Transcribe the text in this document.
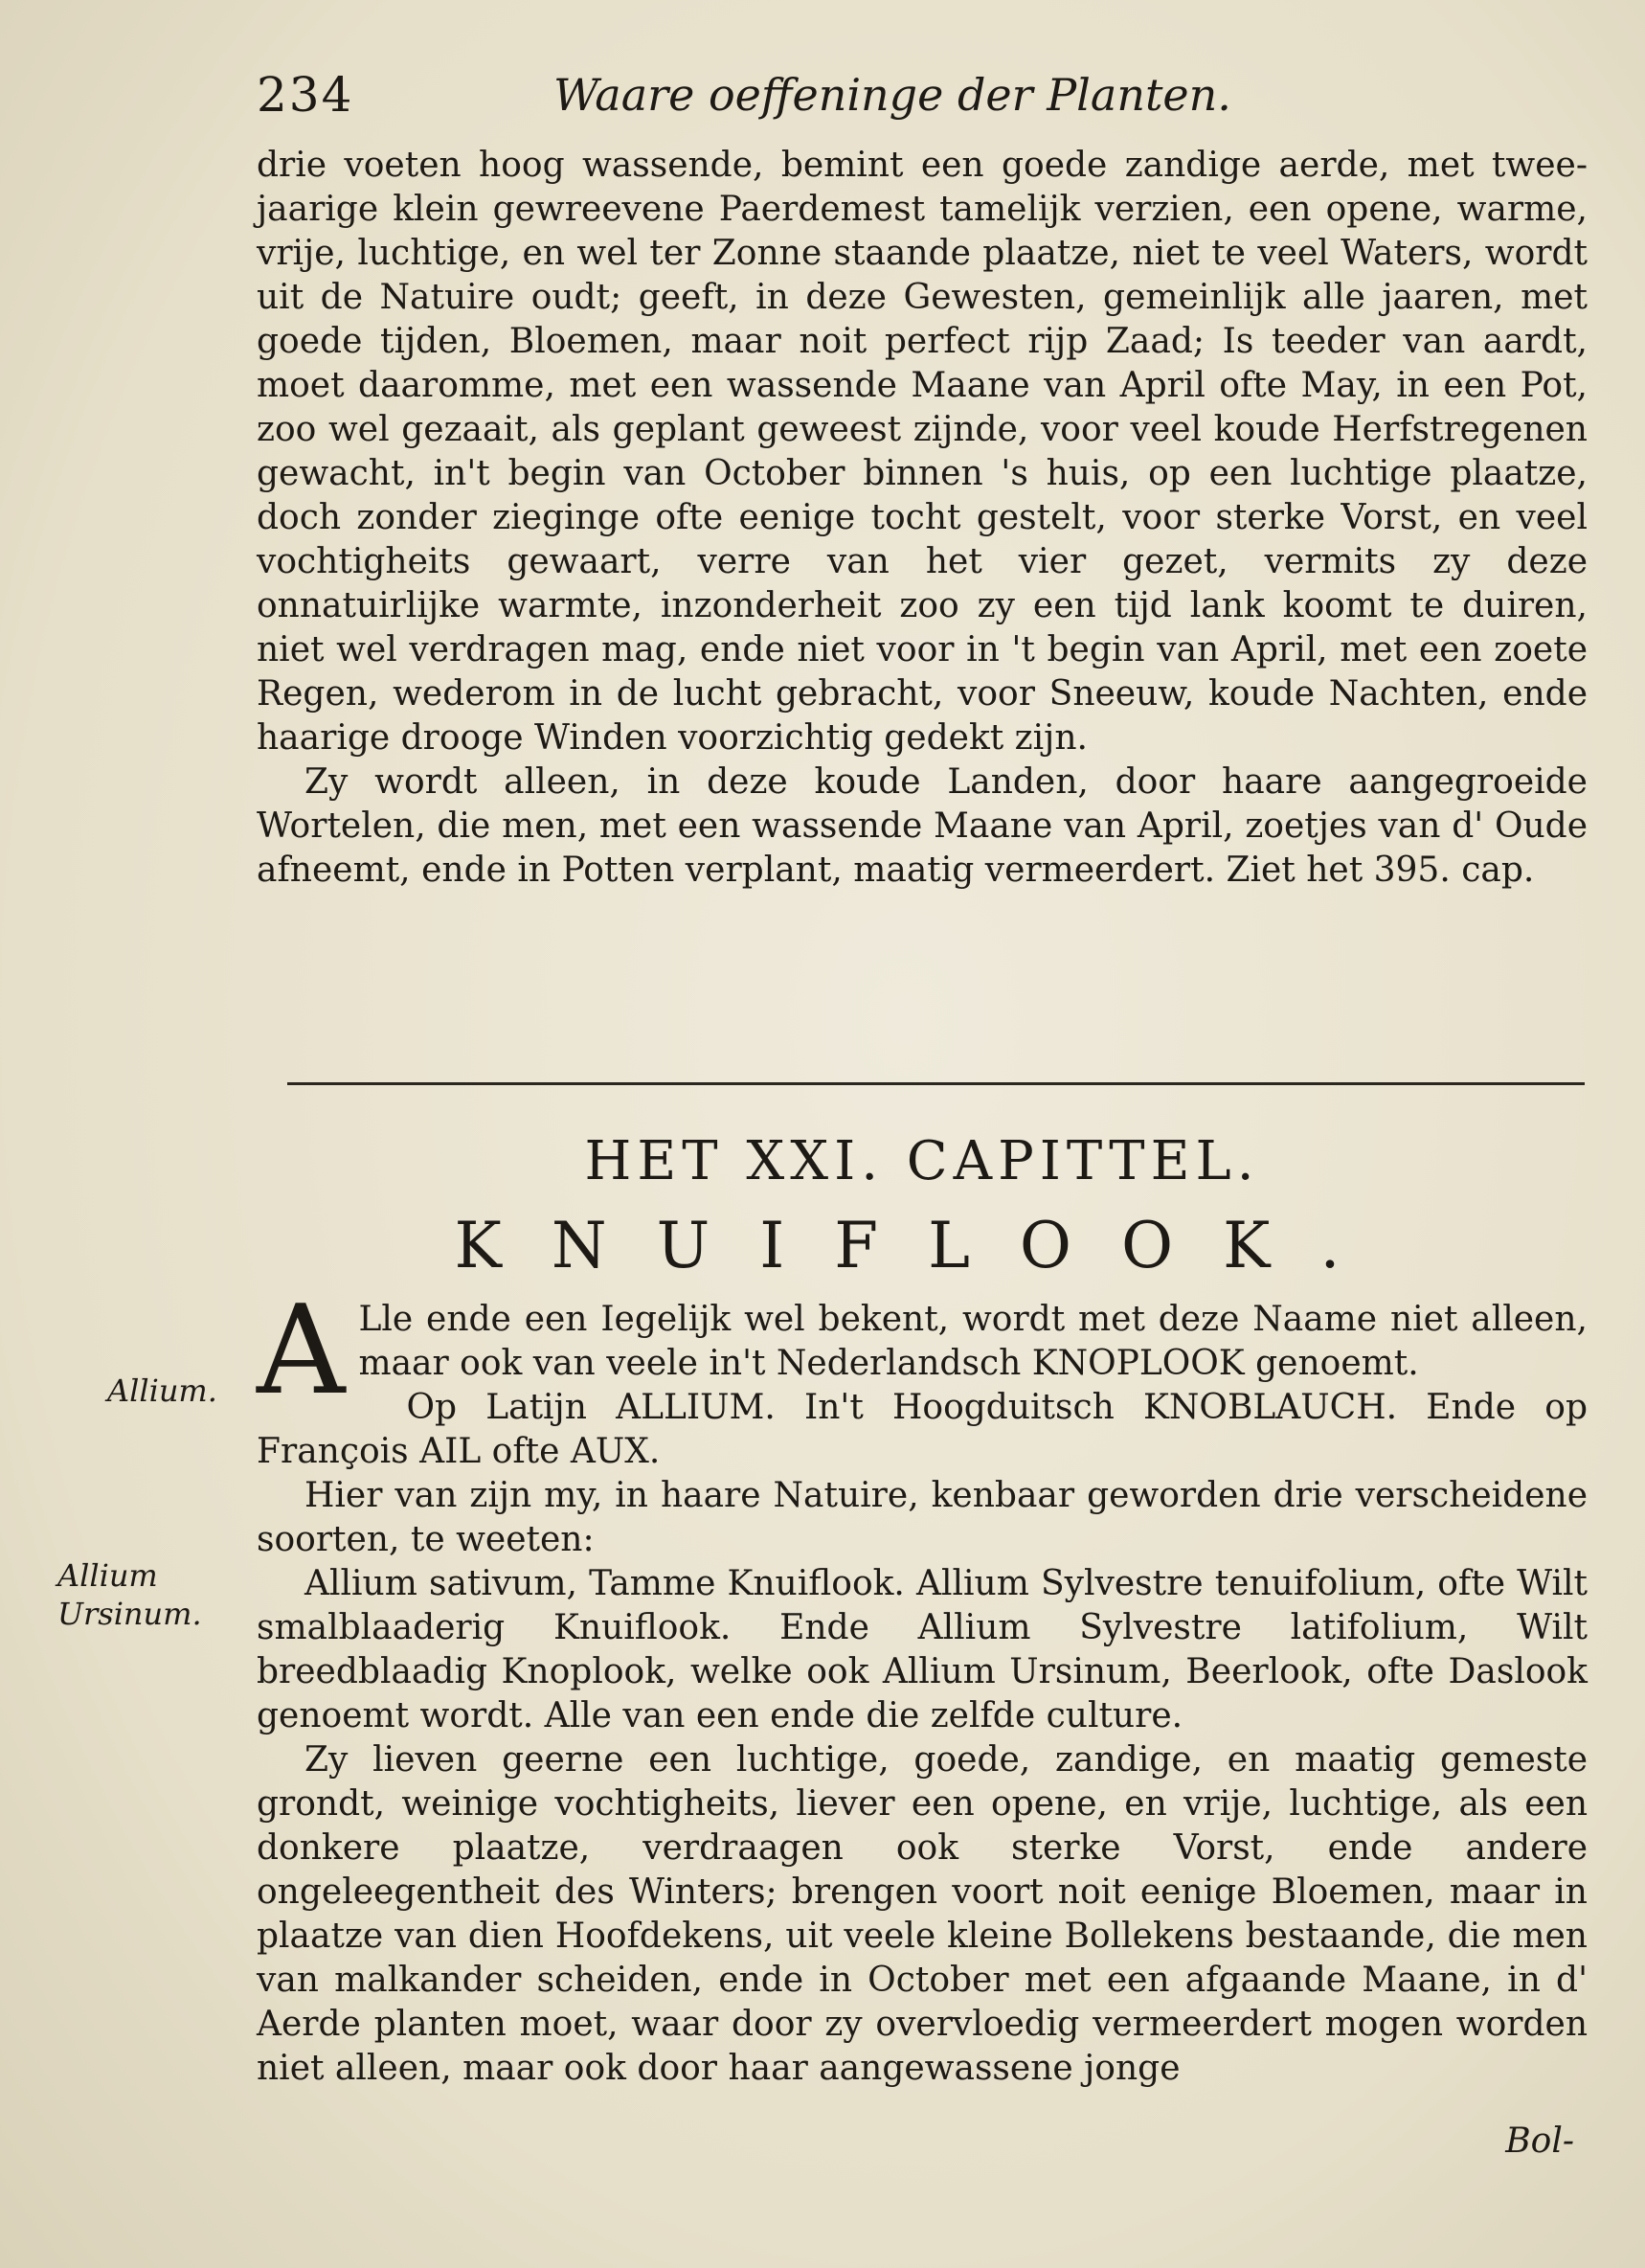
234	Waare oeffeninge der Planten.

drie voeten hoog wassende, bemint een goede zandige aerde, met twee-jaarige klein gewreevene Paerdemest tamelijk verzien, een opene, warme, vrije, luchtige, en wel ter Zonne staande plaatze, niet te veel Waters, wordt uit de Natuire oudt; geeft, in deze Gewesten, gemeinlijk alle jaaren, met goede tijden, Bloemen, maar noit perfect rijp Zaad; Is teeder van aardt, moet daaromme, met een wassende Maane van April ofte May, in een Pot, zoo wel gezaait, als geplant geweest zijnde, voor veel koude Herfstregenen gewacht, in't begin van October binnen 's huis, op een luchtige plaatze, doch zonder zieginge ofte eenige tocht gestelt, voor sterke Vorst, en veel vochtigheits gewaart, verre van het vier gezet, vermits zy deze onnatuirlijke warmte, inzonderheit zoo zy een tijd lank koomt te duiren, niet wel verdragen mag, ende niet voor in 't begin van April, met een zoete Regen, wederom in de lucht gebracht, voor Sneeuw, koude Nachten, ende haarige drooge Winden voorzichtig gedekt zijn.

Zy wordt alleen, in deze koude Landen, door haare aangegroeide Wortelen, die men, met een wassende Maane van April, zoetjes van d' Oude afneemt, ende in Potten verplant, maatig vermeerdert. Ziet het 395. cap.

HET XXI. CAPITTEL.
KNUIFLOOK.
Allium.
Allium Ursinum.

A Lle ende een Iegelijk wel bekent, wordt met deze Naame niet alleen, maar ook van veele in't Nederlandsch KNOPLOOK genoemt.

Op Latijn ALLIUM. In't Hoogduitsch KNOBLAUCH. Ende op François AIL ofte AUX.

Hier van zijn my, in haare Natuire, kenbaar geworden drie verscheidene soorten, te weeten:

Allium sativum, Tamme Knuiflook. Allium Sylvestre tenuifolium, ofte Wilt smalblaaderig Knuiflook. Ende Allium Sylvestre latifolium, Wilt breedblaadig Knoplook, welke ook Allium Ursinum, Beerlook, ofte Daslook genoemt wordt. Alle van een ende die zelfde culture.

Zy lieven geerne een luchtige, goede, zandige, en maatig gemeste grondt, weinige vochtigheits, liever een opene, en vrije, luchtige, als een donkere plaatze, verdraagen ook sterke Vorst, ende andere ongeleegentheit des Winters; brengen voort noit eenige Bloemen, maar in plaatze van dien Hoofdekens, uit veele kleine Bollekens bestaande, die men van malkander scheiden, ende in October met een afgaande Maane, in d' Aerde planten moet, waar door zy overvloedig vermeerdert mogen worden niet alleen, maar ook door haar aangewassene jonge

Bol-
